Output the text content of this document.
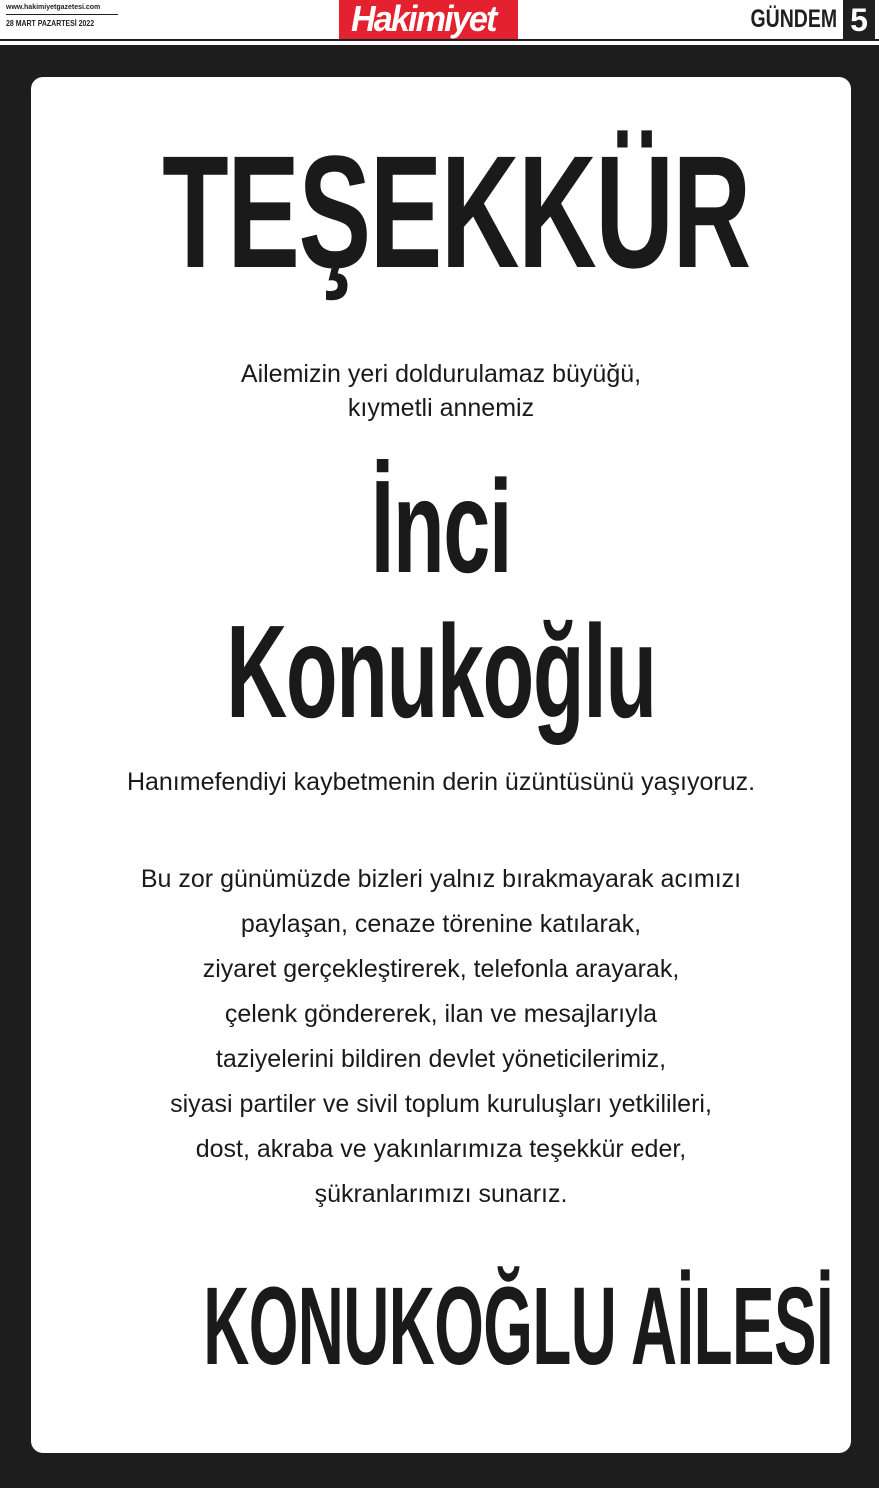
www.hakimiyetgazetesi.com
28 MART PAZARTESİ 2022	Hakimiyet	GÜNDEM 5
TEŞEKKÜR
Ailemizin yeri doldurulamaz büyüğü,
kıymetli annemiz
İnci
Konukoğlu
Hanımefendiyi kaybetmenin derin üzüntüsünü yaşıyoruz.
Bu zor günümüzde bizleri yalnız bırakmayarak acımızı
paylaşan, cenaze törenine katılarak,
ziyaret gerçekleştirerek, telefonla arayarak,
çelenk göndererek, ilan ve mesajlarıyla
taziyelerini bildiren devlet yöneticilerimiz,
siyasi partiler ve sivil toplum kuruluşları yetkilileri,
dost, akraba ve yakınlarımıza teşekkür eder,
şükranlarımızı sunarız.
KONUKOĞLU AİLESİ
